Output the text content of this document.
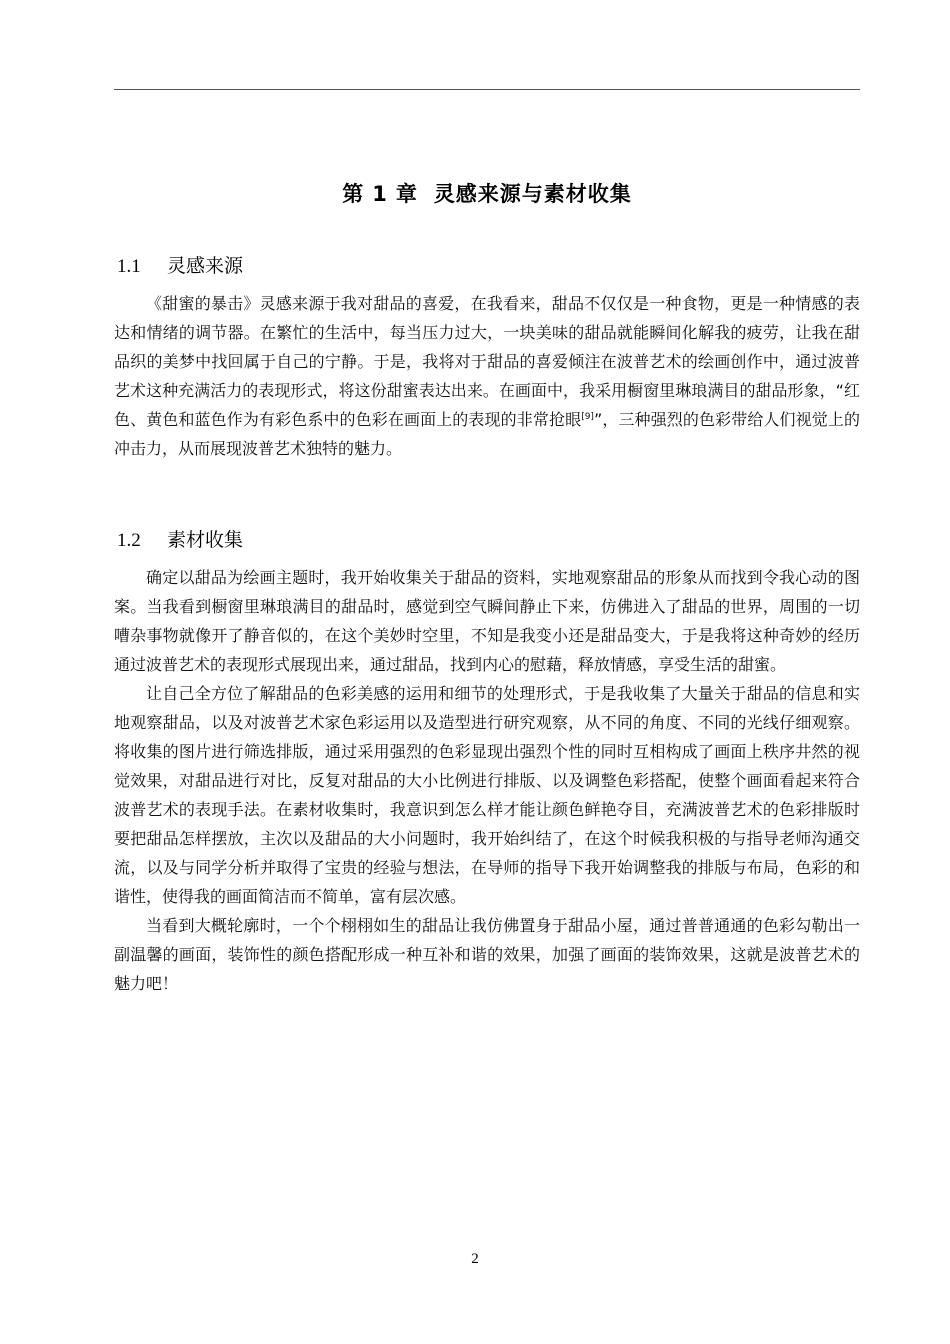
第 1 章 灵感来源与素材收集
1.1 灵感来源

《甜蜜的暴击》灵感来源于我对甜品的喜爱，在我看来，甜品不仅仅是一种食物，更是一种情感的表达和情绪的调节器。在繁忙的生活中，每当压力过大，一块美味的甜品就能瞬间化解我的疲劳，让我在甜品织的美梦中找回属于自己的宁静。于是，我将对于甜品的喜爱倾注在波普艺术的绘画创作中，通过波普艺术这种充满活力的表现形式，将这份甜蜜表达出来。在画面中，我采用橱窗里琳琅满目的甜品形象，“红色、黄色和蓝色作为有彩色系中的色彩在画面上的表现的非常抢眼[9]”，三种强烈的色彩带给人们视觉上的冲击力，从而展现波普艺术独特的魅力。

1.2 素材收集

确定以甜品为绘画主题时，我开始收集关于甜品的资料，实地观察甜品的形象从而找到令我心动的图案。当我看到橱窗里琳琅满目的甜品时，感觉到空气瞬间静止下来，仿佛进入了甜品的世界，周围的一切嘈杂事物就像开了静音似的，在这个美妙时空里，不知是我变小还是甜品变大，于是我将这种奇妙的经历通过波普艺术的表现形式展现出来，通过甜品，找到内心的慰藉，释放情感，享受生活的甜蜜。

让自己全方位了解甜品的色彩美感的运用和细节的处理形式，于是我收集了大量关于甜品的信息和实地观察甜品，以及对波普艺术家色彩运用以及造型进行研究观察，从不同的角度、不同的光线仔细观察。将收集的图片进行筛选排版，通过采用强烈的色彩显现出强烈个性的同时互相构成了画面上秩序井然的视觉效果，对甜品进行对比，反复对甜品的大小比例进行排版、以及调整色彩搭配，使整个画面看起来符合波普艺术的表现手法。在素材收集时，我意识到怎么样才能让颜色鲜艳夺目，充满波普艺术的色彩排版时要把甜品怎样摆放，主次以及甜品的大小问题时，我开始纠结了，在这个时候我积极的与指导老师沟通交流，以及与同学分析并取得了宝贵的经验与想法，在导师的指导下我开始调整我的排版与布局，色彩的和谐性，使得我的画面简洁而不简单，富有层次感。

当看到大概轮廓时，一个个栩栩如生的甜品让我仿佛置身于甜品小屋，通过普普通通的色彩勾勒出一副温馨的画面，装饰性的颜色搭配形成一种互补和谐的效果，加强了画面的装饰效果，这就是波普艺术的魅力吧！

2
